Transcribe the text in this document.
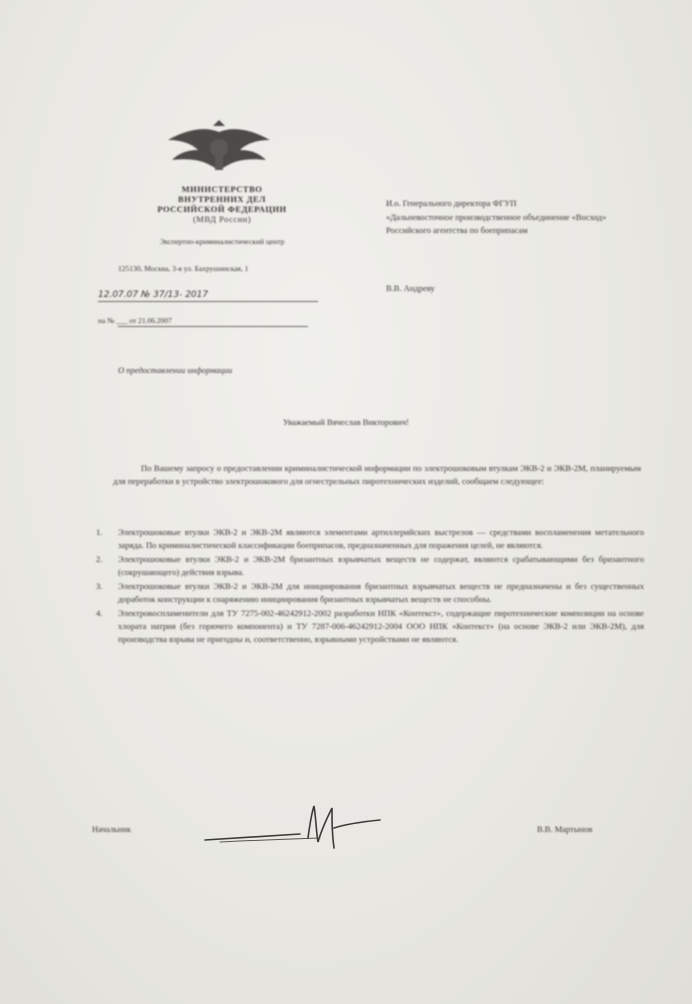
МИНИСТЕРСТВО
ВНУТРЕННИХ ДЕЛ
РОССИЙСКОЙ ФЕДЕРАЦИИ
(МВД России)
Экспертно-криминалистический центр
125130, Москва, 3-я ул. Бахрушинская, 1
12.07.07 № 37/13- 2017
на № ___ от 21.06.2007
И.о. Генерального директора ФГУП
«Дальневосточное производственное объединение «Восход»
Российского агентства по боеприпасам
В.В. Андреву
О предоставлении информации
Уважаемый Вячеслав Викторович!
По Вашему запросу о предоставлении криминалистической информации по электрошоковым втулкам ЭКВ-2 и ЭКВ-2М, планируемым для переработки в устройство электрошокового для огнестрельных пиротехнических изделий, сообщаем следующее:
1. Электрошоковые втулки ЭКВ-2 и ЭКВ-2М являются элементами артиллерийских выстрелов — средствами воспламенения метательного заряда. По криминалистической классификации боеприпасов, предназначенных для поражения целей, не являются.
2. Электрошоковые втулки ЭКВ-2 и ЭКВ-2М бризантных взрывчатых веществ не содержат, являются срабатывающими без бризантного (сокрушающего) действия взрыва.
3. Электрошоковые втулки ЭКВ-2 и ЭКВ-2М для инициирования бризантных взрывчатых веществ не предназначены и без существенных доработок конструкции к снаряжению инициирования бризантных взрывчатых веществ не способны.
4. Электровоспламенители для ТУ 7275-002-46242912-2002 разработки НПК «Контекст», содержащие пиротехнические композиции на основе хлората натрия (без горючего компонента) и ТУ 7287-006-46242912-2004 ООО НПК «Контекст» (на основе ЭКВ-2 или ЭКВ-2М), для производства взрыва не пригодны и, соответственно, взрывными устройствами не являются.
Начальник	В.В. Мартынов
